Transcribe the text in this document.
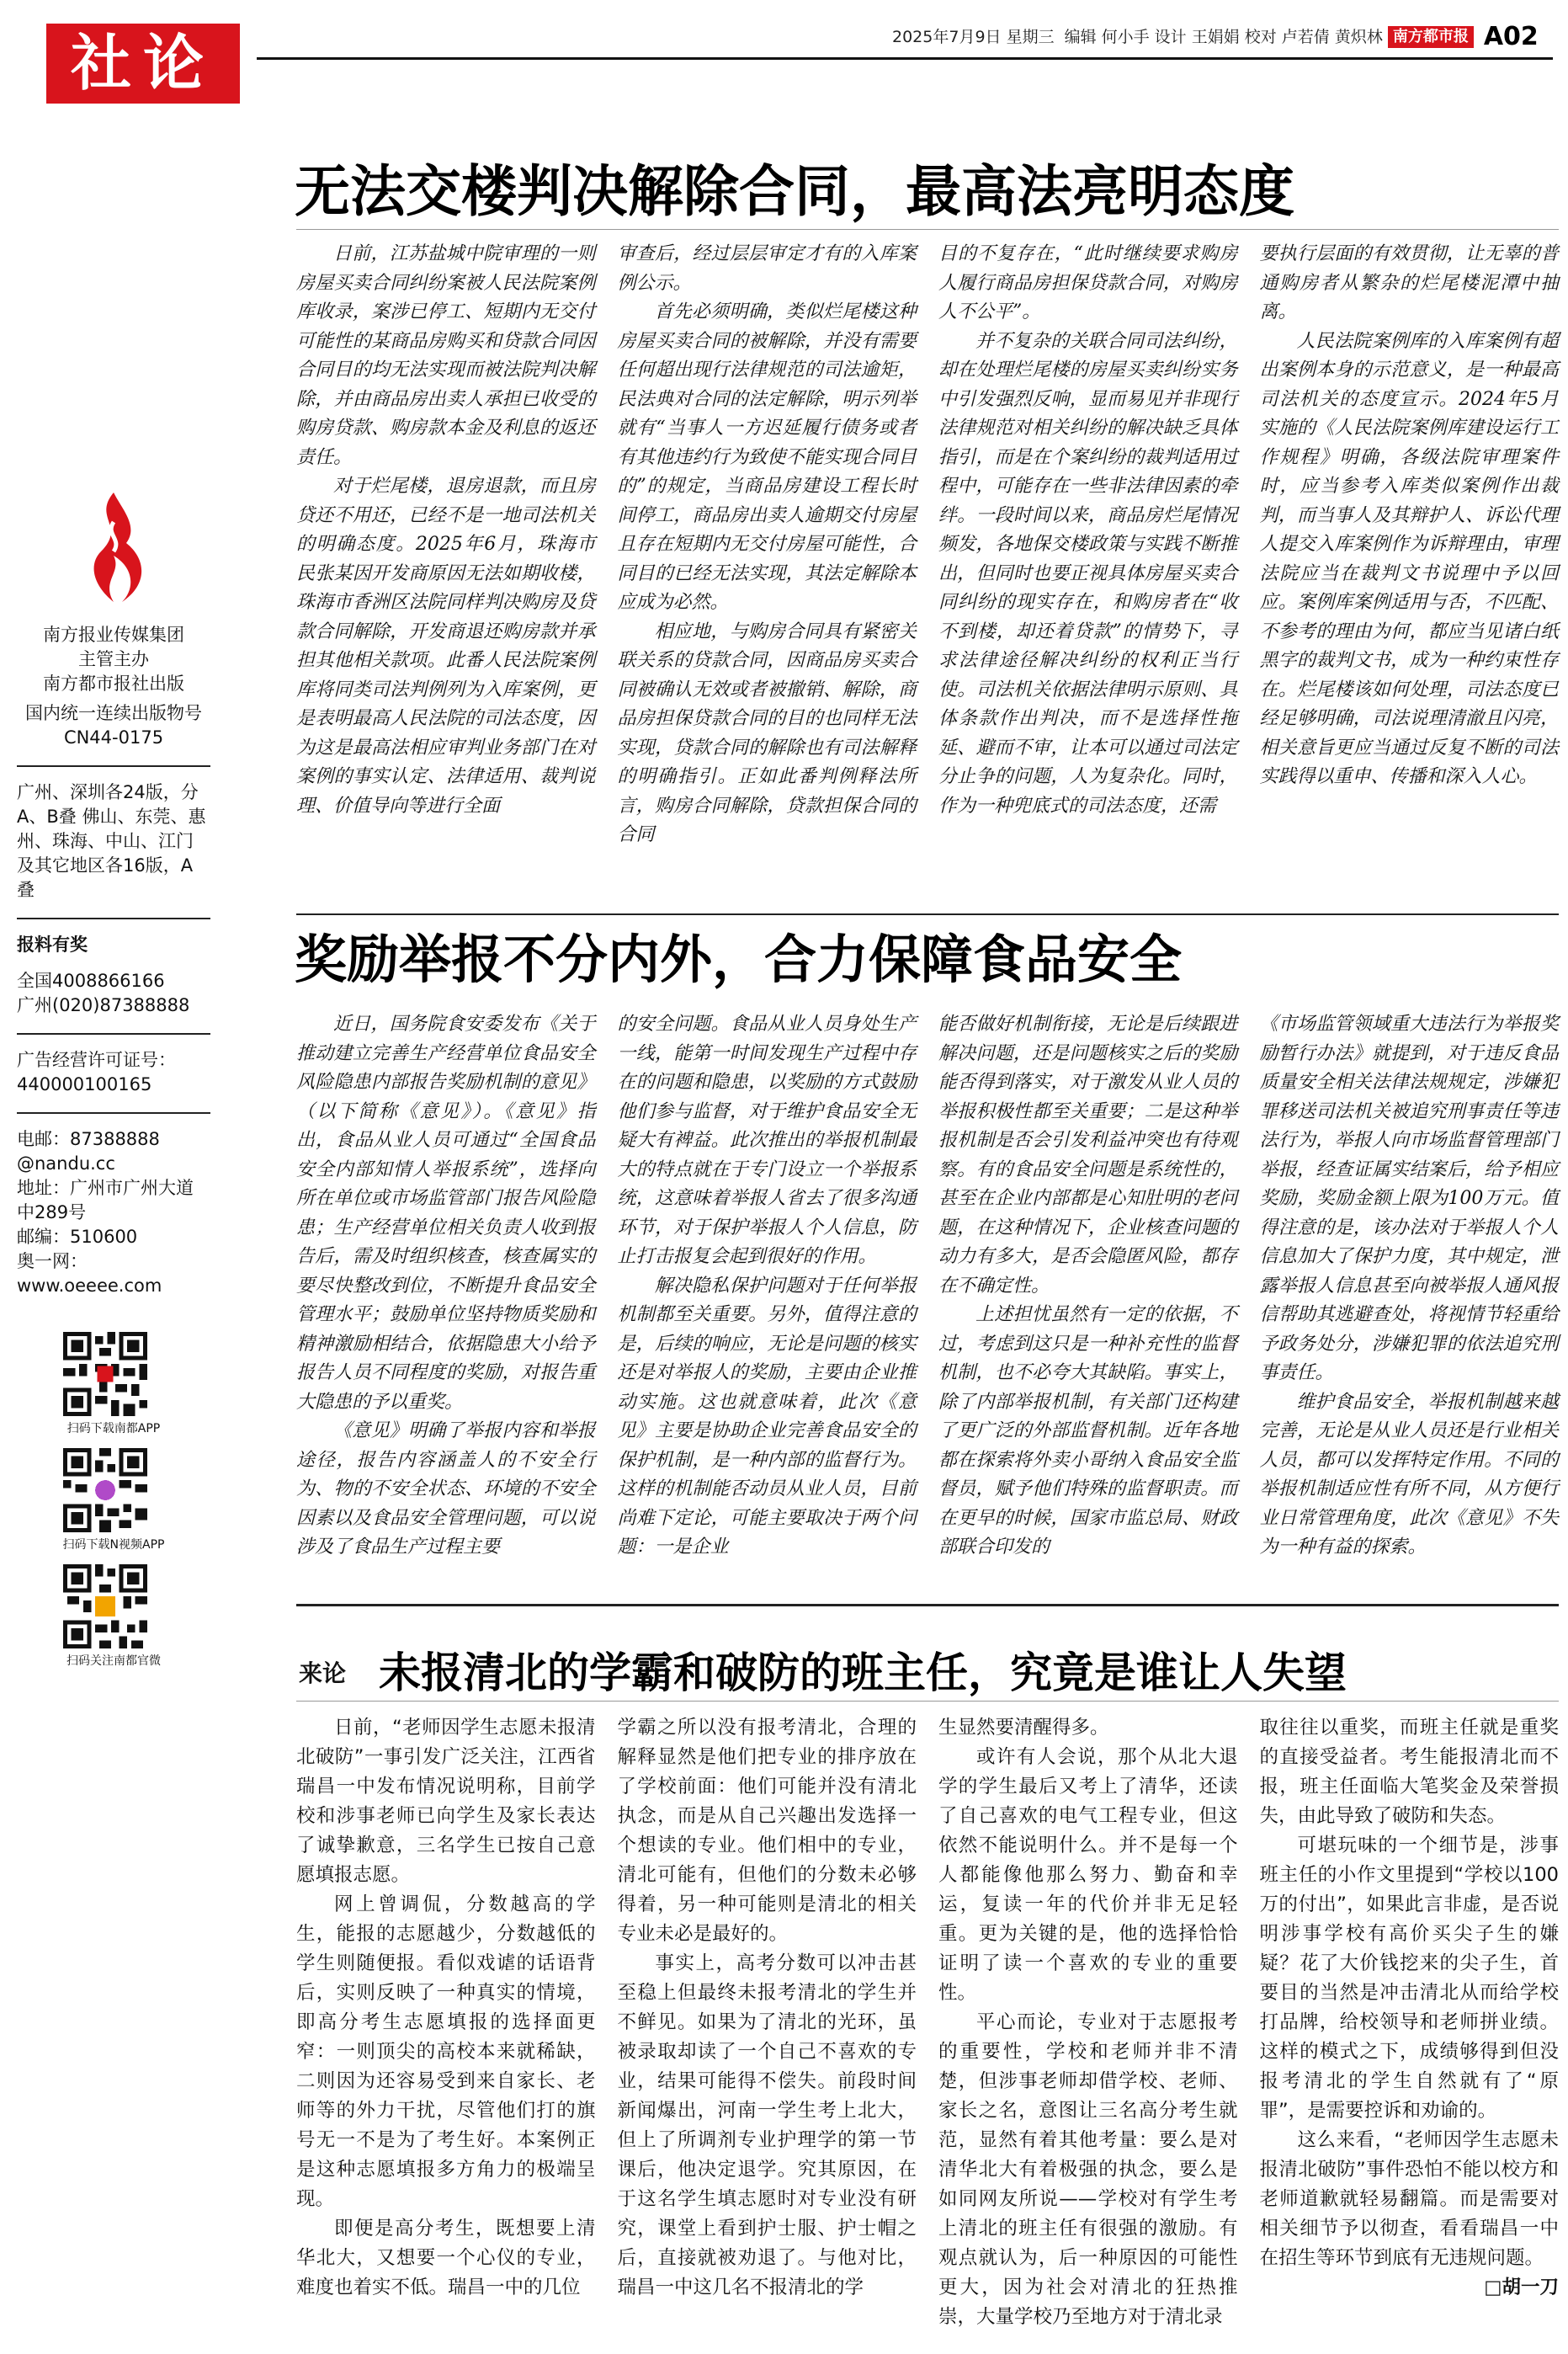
社论	2025年7月9日 星期三 编辑 何小手 设计 王娟娟 校对 卢若倩 黄炽林 南方都市报 A02
南方报业传媒集团
主管主办
南方都市报社出版
国内统一连续出版物号
CN44-0175
广州、深圳各24版，分A、B叠 佛山、东莞、惠州、珠海、中山、江门及其它地区各16版，A叠
报料有奖
全国4008866166
广州(020)87388888
广告经营许可证号：
440000100165
电邮：87388888
@nandu.cc
地址：广州市广州大道中289号
邮编：510600
奥一网：
www.oeeee.com
扫码下载南都APP
扫码下载N视频APP
扫码关注南都官微
无法交楼判决解除合同，最高法亮明态度

日前，江苏盐城中院审理的一则房屋买卖合同纠纷案被人民法院案例库收录，案涉已停工、短期内无交付可能性的某商品房购买和贷款合同因合同目的均无法实现而被法院判决解除，并由商品房出卖人承担已收受的购房贷款、购房款本金及利息的返还责任。

对于烂尾楼，退房退款，而且房贷还不用还，已经不是一地司法机关的明确态度。2025年6月，珠海市民张某因开发商原因无法如期收楼，珠海市香洲区法院同样判决购房及贷款合同解除，开发商退还购房款并承担其他相关款项。此番人民法院案例库将同类司法判例列为入库案例，更是表明最高人民法院的司法态度，因为这是最高法相应审判业务部门在对案例的事实认定、法律适用、裁判说理、价值导向等进行全面

审查后，经过层层审定才有的入库案例公示。

首先必须明确，类似烂尾楼这种房屋买卖合同的被解除，并没有需要任何超出现行法律规范的司法逾矩，民法典对合同的法定解除，明示列举就有“当事人一方迟延履行债务或者有其他违约行为致使不能实现合同目的”的规定，当商品房建设工程长时间停工，商品房出卖人逾期交付房屋且存在短期内无交付房屋可能性，合同目的已经无法实现，其法定解除本应成为必然。

相应地，与购房合同具有紧密关联关系的贷款合同，因商品房买卖合同被确认无效或者被撤销、解除，商品房担保贷款合同的目的也同样无法实现，贷款合同的解除也有司法解释的明确指引。正如此番判例释法所言，购房合同解除，贷款担保合同的合同

目的不复存在，“此时继续要求购房人履行商品房担保贷款合同，对购房人不公平”。

并不复杂的关联合同司法纠纷，却在处理烂尾楼的房屋买卖纠纷实务中引发强烈反响，显而易见并非现行法律规范对相关纠纷的解决缺乏具体指引，而是在个案纠纷的裁判适用过程中，可能存在一些非法律因素的牵绊。一段时间以来，商品房烂尾情况频发，各地保交楼政策与实践不断推出，但同时也要正视具体房屋买卖合同纠纷的现实存在，和购房者在“收不到楼，却还着贷款”的情势下，寻求法律途径解决纠纷的权利正当行使。司法机关依据法律明示原则、具体条款作出判决，而不是选择性拖延、避而不审，让本可以通过司法定分止争的问题，人为复杂化。同时，作为一种兜底式的司法态度，还需

要执行层面的有效贯彻，让无辜的普通购房者从繁杂的烂尾楼泥潭中抽离。

人民法院案例库的入库案例有超出案例本身的示范意义，是一种最高司法机关的态度宣示。2024年5月实施的《人民法院案例库建设运行工作规程》明确，各级法院审理案件时，应当参考入库类似案例作出裁判，而当事人及其辩护人、诉讼代理人提交入库案例作为诉辩理由，审理法院应当在裁判文书说理中予以回应。案例库案例适用与否，不匹配、不参考的理由为何，都应当见诸白纸黑字的裁判文书，成为一种约束性存在。烂尾楼该如何处理，司法态度已经足够明确，司法说理清澈且闪亮，相关意旨更应当通过反复不断的司法实践得以重申、传播和深入人心。

奖励举报不分内外，合力保障食品安全

近日，国务院食安委发布《关于推动建立完善生产经营单位食品安全风险隐患内部报告奖励机制的意见》（以下简称《意见》）。《意见》指出，食品从业人员可通过“全国食品安全内部知情人举报系统”，选择向所在单位或市场监管部门报告风险隐患；生产经营单位相关负责人收到报告后，需及时组织核查，核查属实的要尽快整改到位，不断提升食品安全管理水平；鼓励单位坚持物质奖励和精神激励相结合，依据隐患大小给予报告人员不同程度的奖励，对报告重大隐患的予以重奖。

《意见》明确了举报内容和举报途径，报告内容涵盖人的不安全行为、物的不安全状态、环境的不安全因素以及食品安全管理问题，可以说涉及了食品生产过程主要

的安全问题。食品从业人员身处生产一线，能第一时间发现生产过程中存在的问题和隐患，以奖励的方式鼓励他们参与监督，对于维护食品安全无疑大有裨益。此次推出的举报机制最大的特点就在于专门设立一个举报系统，这意味着举报人省去了很多沟通环节，对于保护举报人个人信息，防止打击报复会起到很好的作用。

解决隐私保护问题对于任何举报机制都至关重要。另外，值得注意的是，后续的响应，无论是问题的核实还是对举报人的奖励，主要由企业推动实施。这也就意味着，此次《意见》主要是协助企业完善食品安全的保护机制，是一种内部的监督行为。这样的机制能否动员从业人员，目前尚难下定论，可能主要取决于两个问题：一是企业

能否做好机制衔接，无论是后续跟进解决问题，还是问题核实之后的奖励能否得到落实，对于激发从业人员的举报积极性都至关重要；二是这种举报机制是否会引发利益冲突也有待观察。有的食品安全问题是系统性的，甚至在企业内部都是心知肚明的老问题，在这种情况下，企业核查问题的动力有多大，是否会隐匿风险，都存在不确定性。

上述担忧虽然有一定的依据，不过，考虑到这只是一种补充性的监督机制，也不必夸大其缺陷。事实上，除了内部举报机制，有关部门还构建了更广泛的外部监督机制。近年各地都在探索将外卖小哥纳入食品安全监督员，赋予他们特殊的监督职责。而在更早的时候，国家市监总局、财政部联合印发的

《市场监管领域重大违法行为举报奖励暂行办法》就提到，对于违反食品质量安全相关法律法规规定，涉嫌犯罪移送司法机关被追究刑事责任等违法行为，举报人向市场监督管理部门举报，经查证属实结案后，给予相应奖励，奖励金额上限为100万元。值得注意的是，该办法对于举报人个人信息加大了保护力度，其中规定，泄露举报人信息甚至向被举报人通风报信帮助其逃避查处，将视情节轻重给予政务处分，涉嫌犯罪的依法追究刑事责任。

维护食品安全，举报机制越来越完善，无论是从业人员还是行业相关人员，都可以发挥特定作用。不同的举报机制适应性有所不同，从方便行业日常管理角度，此次《意见》不失为一种有益的探索。

来论 未报清北的学霸和破防的班主任，究竟是谁让人失望

日前，“老师因学生志愿未报清北破防”一事引发广泛关注，江西省瑞昌一中发布情况说明称，目前学校和涉事老师已向学生及家长表达了诚挚歉意，三名学生已按自己意愿填报志愿。

网上曾调侃，分数越高的学生，能报的志愿越少，分数越低的学生则随便报。看似戏谑的话语背后，实则反映了一种真实的情境，即高分考生志愿填报的选择面更窄：一则顶尖的高校本来就稀缺，二则因为还容易受到来自家长、老师等的外力干扰，尽管他们打的旗号无一不是为了考生好。本案例正是这种志愿填报多方角力的极端呈现。

即便是高分考生，既想要上清华北大，又想要一个心仪的专业，难度也着实不低。瑞昌一中的几位

学霸之所以没有报考清北，合理的解释显然是他们把专业的排序放在了学校前面：他们可能并没有清北执念，而是从自己兴趣出发选择一个想读的专业。他们相中的专业，清北可能有，但他们的分数未必够得着，另一种可能则是清北的相关专业未必是最好的。

事实上，高考分数可以冲击甚至稳上但最终未报考清北的学生并不鲜见。如果为了清北的光环，虽被录取却读了一个自己不喜欢的专业，结果可能得不偿失。前段时间新闻爆出，河南一学生考上北大，但上了所调剂专业护理学的第一节课后，他决定退学。究其原因，在于这名学生填志愿时对专业没有研究，课堂上看到护士服、护士帽之后，直接就被劝退了。与他对比，瑞昌一中这几名不报清北的学

生显然要清醒得多。

或许有人会说，那个从北大退学的学生最后又考上了清华，还读了自己喜欢的电气工程专业，但这依然不能说明什么。并不是每一个人都能像他那么努力、勤奋和幸运，复读一年的代价并非无足轻重。更为关键的是，他的选择恰恰证明了读一个喜欢的专业的重要性。

平心而论，专业对于志愿报考的重要性，学校和老师并非不清楚，但涉事老师却借学校、老师、家长之名，意图让三名高分考生就范，显然有着其他考量：要么是对清华北大有着极强的执念，要么是如同网友所说——学校对有学生考上清北的班主任有很强的激励。有观点就认为，后一种原因的可能性更大，因为社会对清北的狂热推崇，大量学校乃至地方对于清北录

取往往以重奖，而班主任就是重奖的直接受益者。考生能报清北而不报，班主任面临大笔奖金及荣誉损失，由此导致了破防和失态。

可堪玩味的一个细节是，涉事班主任的小作文里提到“学校以100万的付出”，如果此言非虚，是否说明涉事学校有高价买尖子生的嫌疑？花了大价钱挖来的尖子生，首要目的当然是冲击清北从而给学校打品牌，给校领导和老师拼业绩。这样的模式之下，成绩够得到但没报考清北的学生自然就有了“原罪”，是需要控诉和劝谕的。

这么来看，“老师因学生志愿未报清北破防”事件恐怕不能以校方和老师道歉就轻易翻篇。而是需要对相关细节予以彻查，看看瑞昌一中在招生等环节到底有无违规问题。

□胡一刀
